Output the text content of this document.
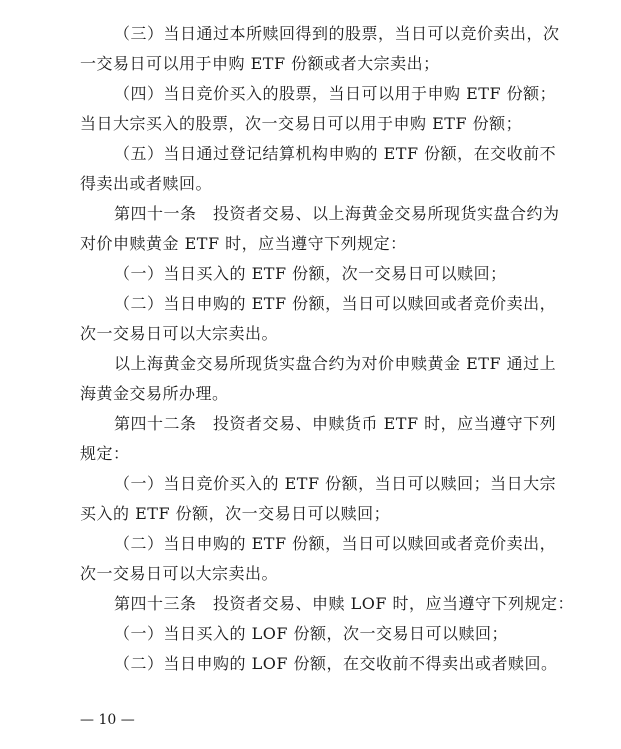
（三）当日通过本所赎回得到的股票，当日可以竞价卖出，次
一交易日可以用于申购 ETF 份额或者大宗卖出；
（四）当日竞价买入的股票，当日可以用于申购 ETF 份额；
当日大宗买入的股票，次一交易日可以用于申购 ETF 份额；
（五）当日通过登记结算机构申购的 ETF 份额，在交收前不
得卖出或者赎回。
第四十一条　投资者交易、以上海黄金交易所现货实盘合约为
对价申赎黄金 ETF 时，应当遵守下列规定：
（一）当日买入的 ETF 份额，次一交易日可以赎回；
（二）当日申购的 ETF 份额，当日可以赎回或者竞价卖出，
次一交易日可以大宗卖出。
以上海黄金交易所现货实盘合约为对价申赎黄金 ETF 通过上
海黄金交易所办理。
第四十二条　投资者交易、申赎货币 ETF 时，应当遵守下列
规定：
（一）当日竞价买入的 ETF 份额，当日可以赎回；当日大宗
买入的 ETF 份额，次一交易日可以赎回；
（二）当日申购的 ETF 份额，当日可以赎回或者竞价卖出，
次一交易日可以大宗卖出。
第四十三条　投资者交易、申赎 LOF 时，应当遵守下列规定：
（一）当日买入的 LOF 份额，次一交易日可以赎回；
（二）当日申购的 LOF 份额，在交收前不得卖出或者赎回。
— 10 —
